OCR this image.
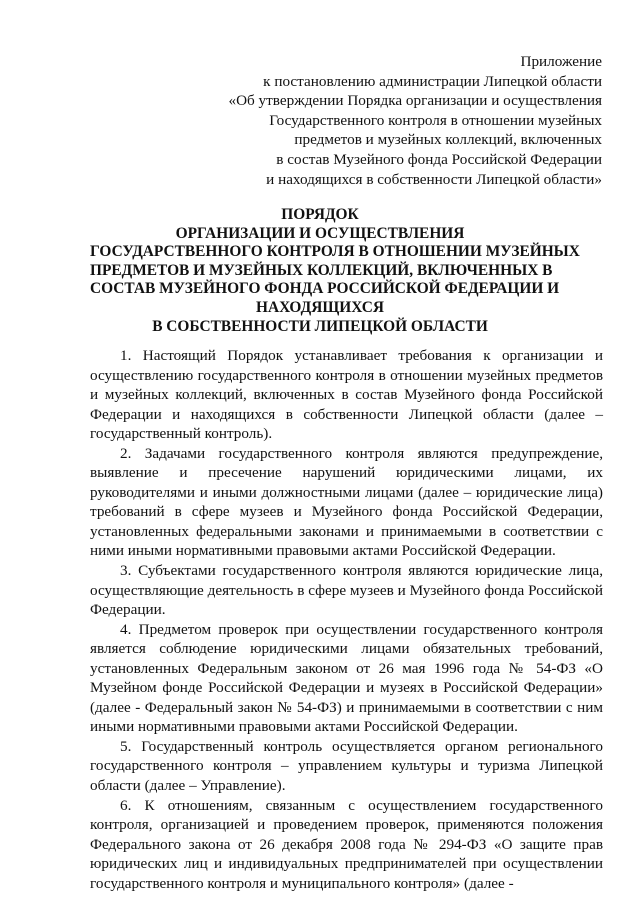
Приложение
к постановлению администрации Липецкой области
«Об утверждении Порядка организации и осуществления
Государственного контроля в отношении музейных
предметов и музейных коллекций, включенных
в состав Музейного фонда Российской Федерации
и находящихся в собственности Липецкой области»
ПОРЯДОК
ОРГАНИЗАЦИИ И ОСУЩЕСТВЛЕНИЯ
ГОСУДАРСТВЕННОГО КОНТРОЛЯ В ОТНОШЕНИИ МУЗЕЙНЫХ
ПРЕДМЕТОВ И МУЗЕЙНЫХ КОЛЛЕКЦИЙ, ВКЛЮЧЕННЫХ В
СОСТАВ МУЗЕЙНОГО ФОНДА РОССИЙСКОЙ ФЕДЕРАЦИИ И
НАХОДЯЩИХСЯ
В СОБСТВЕННОСТИ ЛИПЕЦКОЙ ОБЛАСТИ

1. Настоящий Порядок устанавливает требования к организации и осуществлению государственного контроля в отношении музейных предметов и музейных коллекций, включенных в состав Музейного фонда Российской Федерации и находящихся в собственности Липецкой области (далее – государственный контроль).

2. Задачами государственного контроля являются предупреждение, выявление и пресечение нарушений юридическими лицами, их руководителями и иными должностными лицами (далее – юридические лица) требований в сфере музеев и Музейного фонда Российской Федерации, установленных федеральными законами и принимаемыми в соответствии с ними иными нормативными правовыми актами Российской Федерации.

3. Субъектами государственного контроля являются юридические лица, осуществляющие деятельность в сфере музеев и Музейного фонда Российской Федерации.

4. Предметом проверок при осуществлении государственного контроля является соблюдение юридическими лицами обязательных требований, установленных Федеральным законом от 26 мая 1996 года № 54-ФЗ «О Музейном фонде Российской Федерации и музеях в Российской Федерации» (далее - Федеральный закон № 54-ФЗ) и принимаемыми в соответствии с ним иными нормативными правовыми актами Российской Федерации.

5. Государственный контроль осуществляется органом регионального государственного контроля – управлением культуры и туризма Липецкой области (далее – Управление).

6. К отношениям, связанным с осуществлением государственного контроля, организацией и проведением проверок, применяются положения Федерального закона от 26 декабря 2008 года № 294-ФЗ «О защите прав юридических лиц и индивидуальных предпринимателей при осуществлении государственного контроля и муниципального контроля» (далее -
